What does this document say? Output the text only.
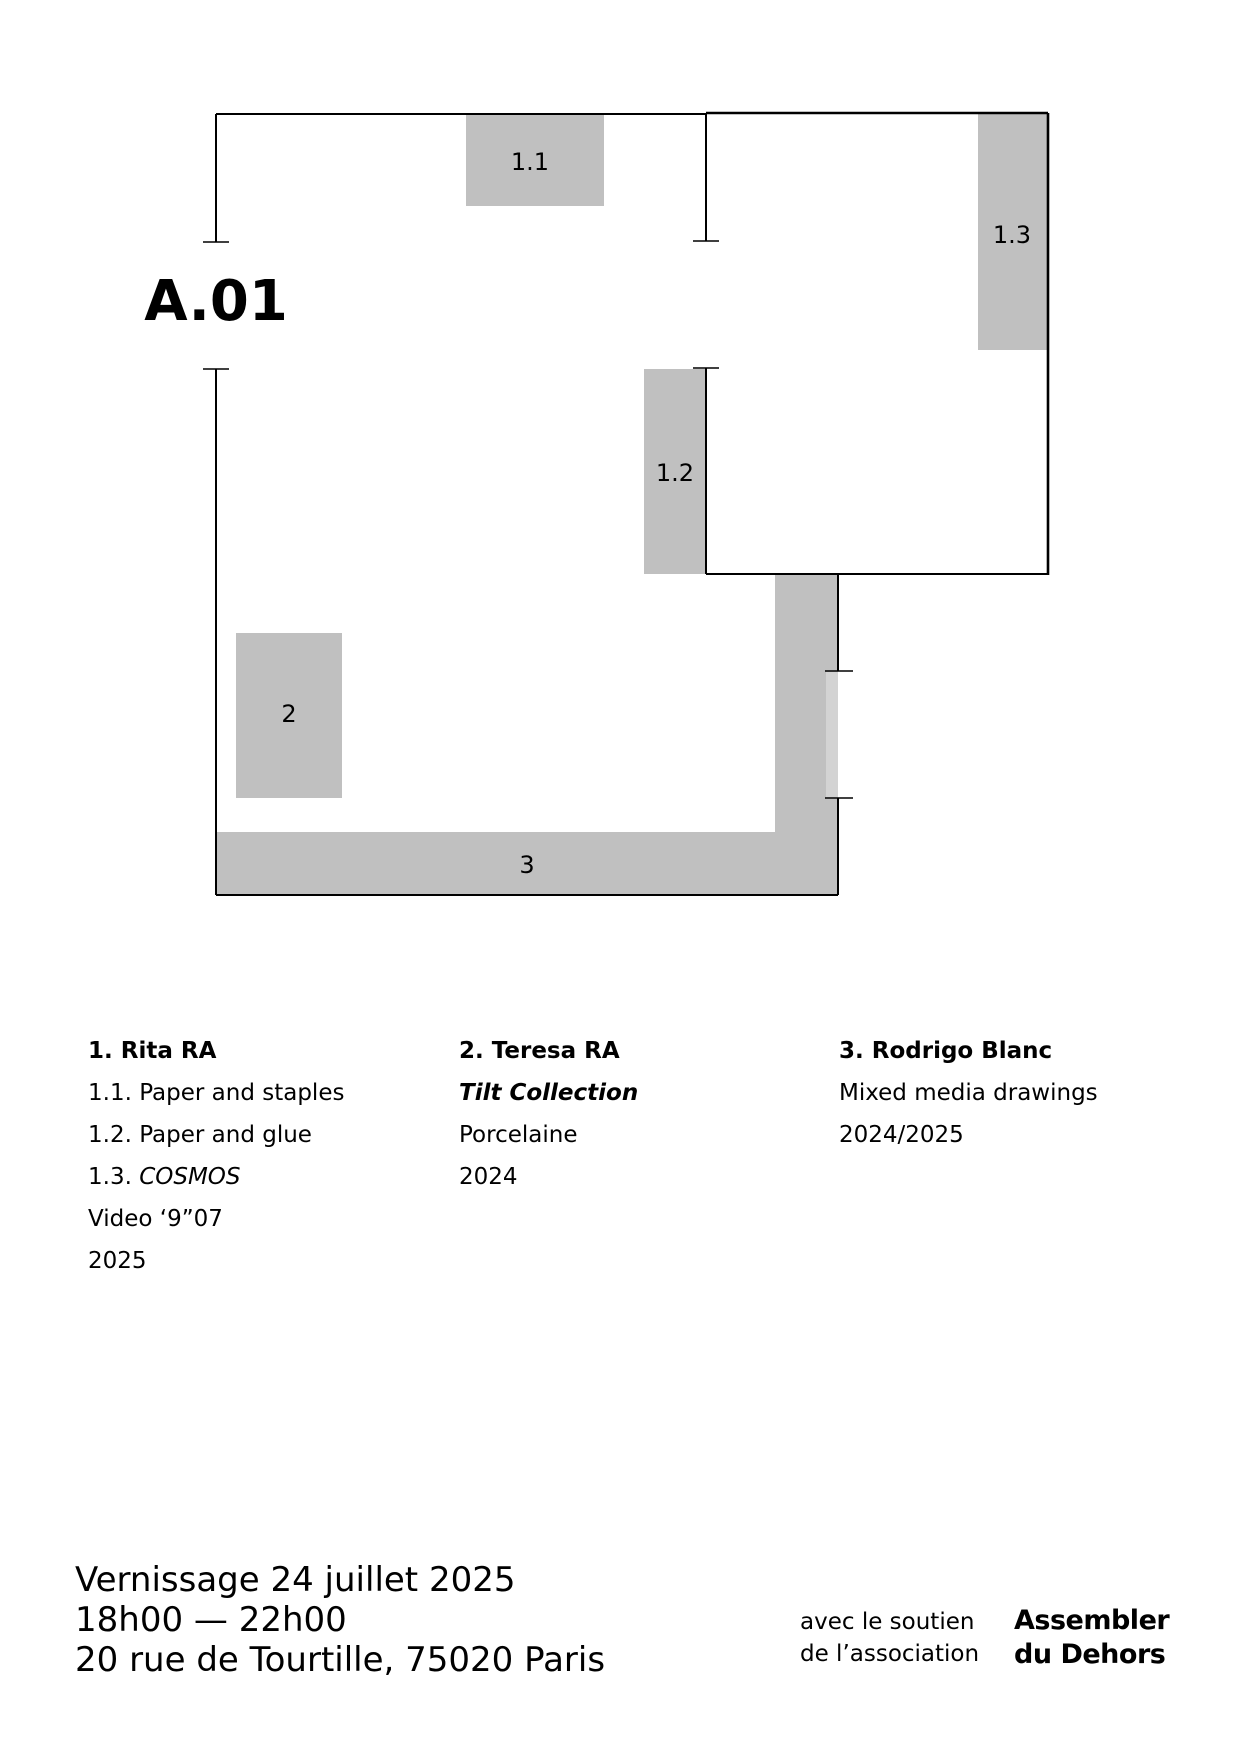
A.01
1.1
1.3
1.2
2
3
1. Rita RA
1.1. Paper and staples
1.2. Paper and glue
1.3. COSMOS
Video ‘9”07
2025
2. Teresa RA
Tilt Collection
Porcelaine
2024
3. Rodrigo Blanc
Mixed media drawings
2024/2025
Vernissage 24 juillet 2025
18h00 — 22h00
20 rue de Tourtille, 75020 Paris
avec le soutien
de l’association
Assembler
du Dehors
